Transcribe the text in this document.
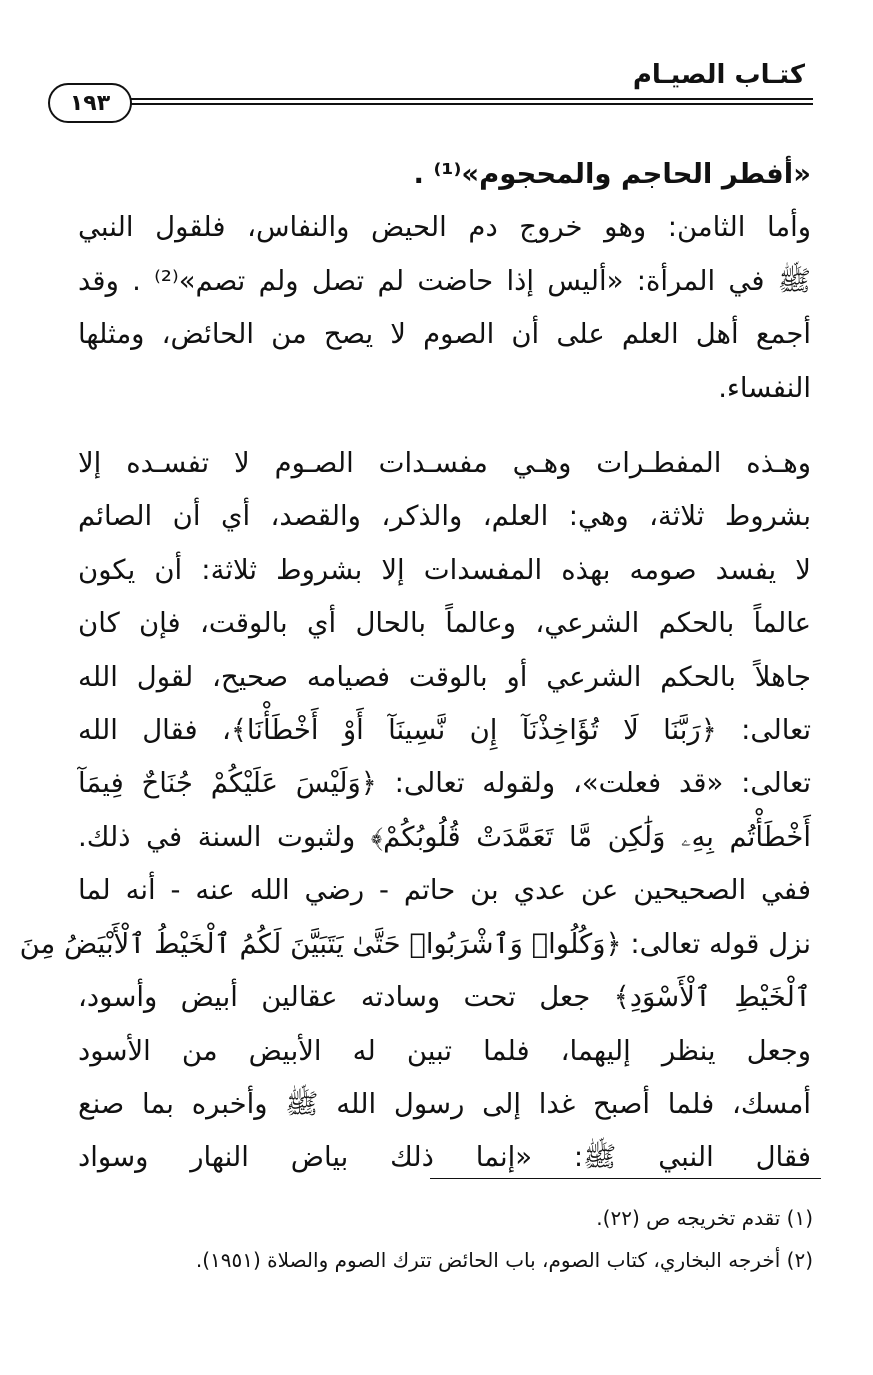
كتـاب الصيـام
١٩٣
«أفطر الحاجم والمحجوم»⁽¹⁾ .
وأما الثامن: وهو خروج دم الحيض والنفاس، فلقول النبي
ﷺ في المرأة: «أليس إذا حاضت لم تصل ولم تصم»⁽²⁾ . وقد
أجمع أهل العلم على أن الصوم لا يصح من الحائض، ومثلها
النفساء.
وهـذه المفطـرات وهـي مفسـدات الصـوم لا تفسـده إلا
بشروط ثلاثة، وهي: العلم، والذكر، والقصد، أي أن الصائم
لا يفسد صومه بهذه المفسدات إلا بشروط ثلاثة: أن يكون
عالماً بالحكم الشرعي، وعالماً بالحال أي بالوقت، فإن كان
جاهلاً بالحكم الشرعي أو بالوقت فصيامه صحيح، لقول الله
تعالى: ﴿رَبَّنَا لَا تُؤَاخِذْنَآ إِن نَّسِينَآ أَوْ أَخْطَأْنَا﴾، فقال الله
تعالى: «قد فعلت»، ولقوله تعالى: ﴿وَلَيْسَ عَلَيْكُمْ جُنَاحٌ فِيمَآ
أَخْطَأْتُم بِهِۦ وَلَٰكِن مَّا تَعَمَّدَتْ قُلُوبُكُمْ﴾ ولثبوت السنة في ذلك.
ففي الصحيحين عن عدي بن حاتم - رضي الله عنه - أنه لما
نزل قوله تعالى: ﴿وَكُلُوا۟ وَٱشْرَبُوا۟ حَتَّىٰ يَتَبَيَّنَ لَكُمُ ٱلْخَيْطُ ٱلْأَبْيَضُ مِنَ
ٱلْخَيْطِ ٱلْأَسْوَدِ﴾ جعل تحت وسادته عقالين أبيض وأسود،
وجعل ينظر إليهما، فلما تبين له الأبيض من الأسود
أمسك، فلما أصبح غدا إلى رسول الله ﷺ وأخبره بما صنع
فقال النبي ﷺ: «إنما ذلك بياض النهار وسواد
(١) تقدم تخريجه ص (٢٢).
(٢) أخرجه البخاري، كتاب الصوم، باب الحائض تترك الصوم والصلاة (١٩٥١).
